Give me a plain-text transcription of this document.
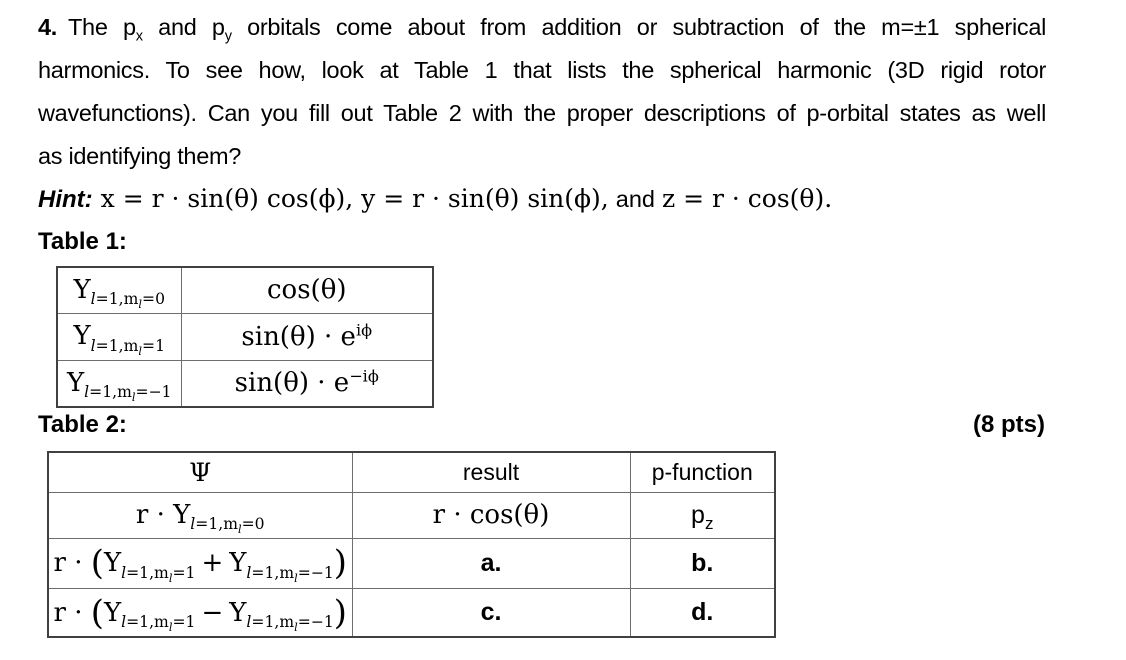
4. The $p_x$ and $p_y$ orbitals come about from addition or subtraction of the m=±1 spherical
harmonics. To see how, look at Table 1 that lists the spherical harmonic (3D rigid rotor
wavefunctions). Can you fill out Table 2 with the proper descriptions of p-orbital states as well
as identifying them?
Hint: x = r · sin(θ) cos(ϕ), y = r · sin(θ) sin(ϕ), and z = r · cos(θ).
Table 1:
$Y_{l=1,m_l=0}$	cos(θ)
$Y_{l=1,m_l=1}$	$\sin(\theta) \cdot e^{i\phi}$
$Y_{l=1,m_l=-1}$	$\sin(\theta) \cdot e^{-i\phi}$
Table 2:	(8 pts)
Ψ	result	p-function
$r \cdot Y_{l=1,m_l=0}$	r · cos(θ)	$p_z$
$r \cdot (Y_{l=1,m_l=1} + Y_{l=1,m_l=-1})$	a.	b.
$r \cdot (Y_{l=1,m_l=1} - Y_{l=1,m_l=-1})$	c.	d.
